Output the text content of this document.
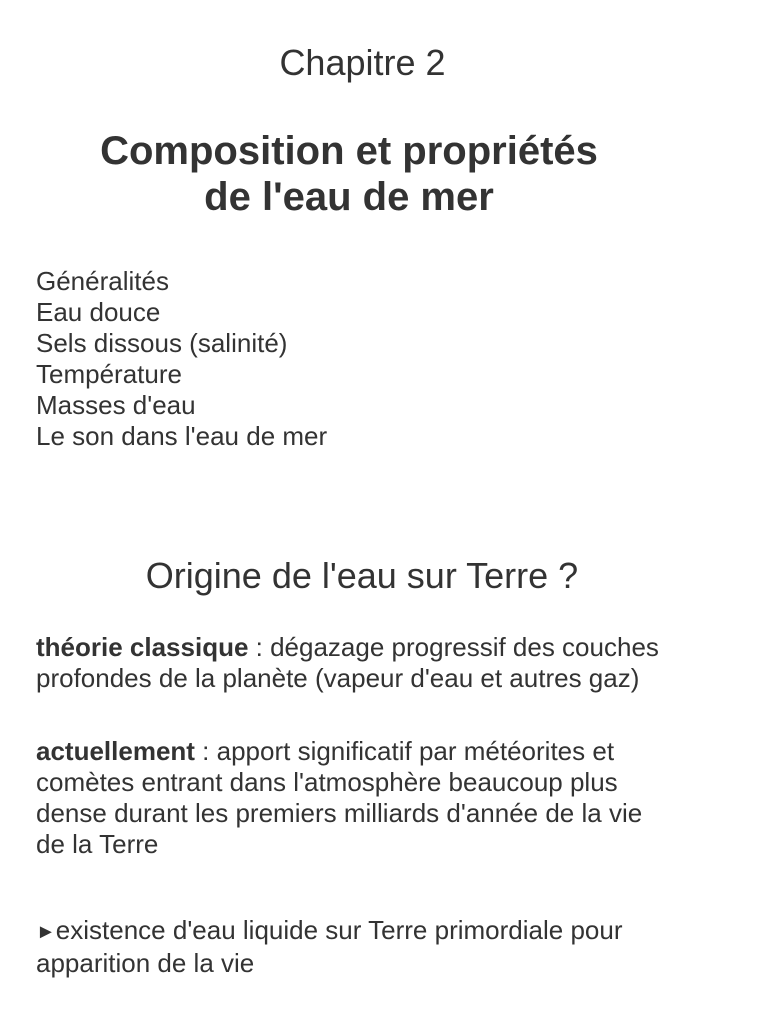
Chapitre 2
Composition et propriétés
de l'eau de mer
Généralités
Eau douce
Sels dissous (salinité)
Température
Masses d'eau
Le son dans l'eau de mer
Origine de l'eau sur Terre ?

théorie classique : dégazage progressif des couches profondes de la planète (vapeur d'eau et autres gaz)

actuellement : apport significatif par météorites et comètes entrant dans l'atmosphère beaucoup plus dense durant les premiers milliards d'année de la vie de la Terre

►existence d'eau liquide sur Terre primordiale pour apparition de la vie
